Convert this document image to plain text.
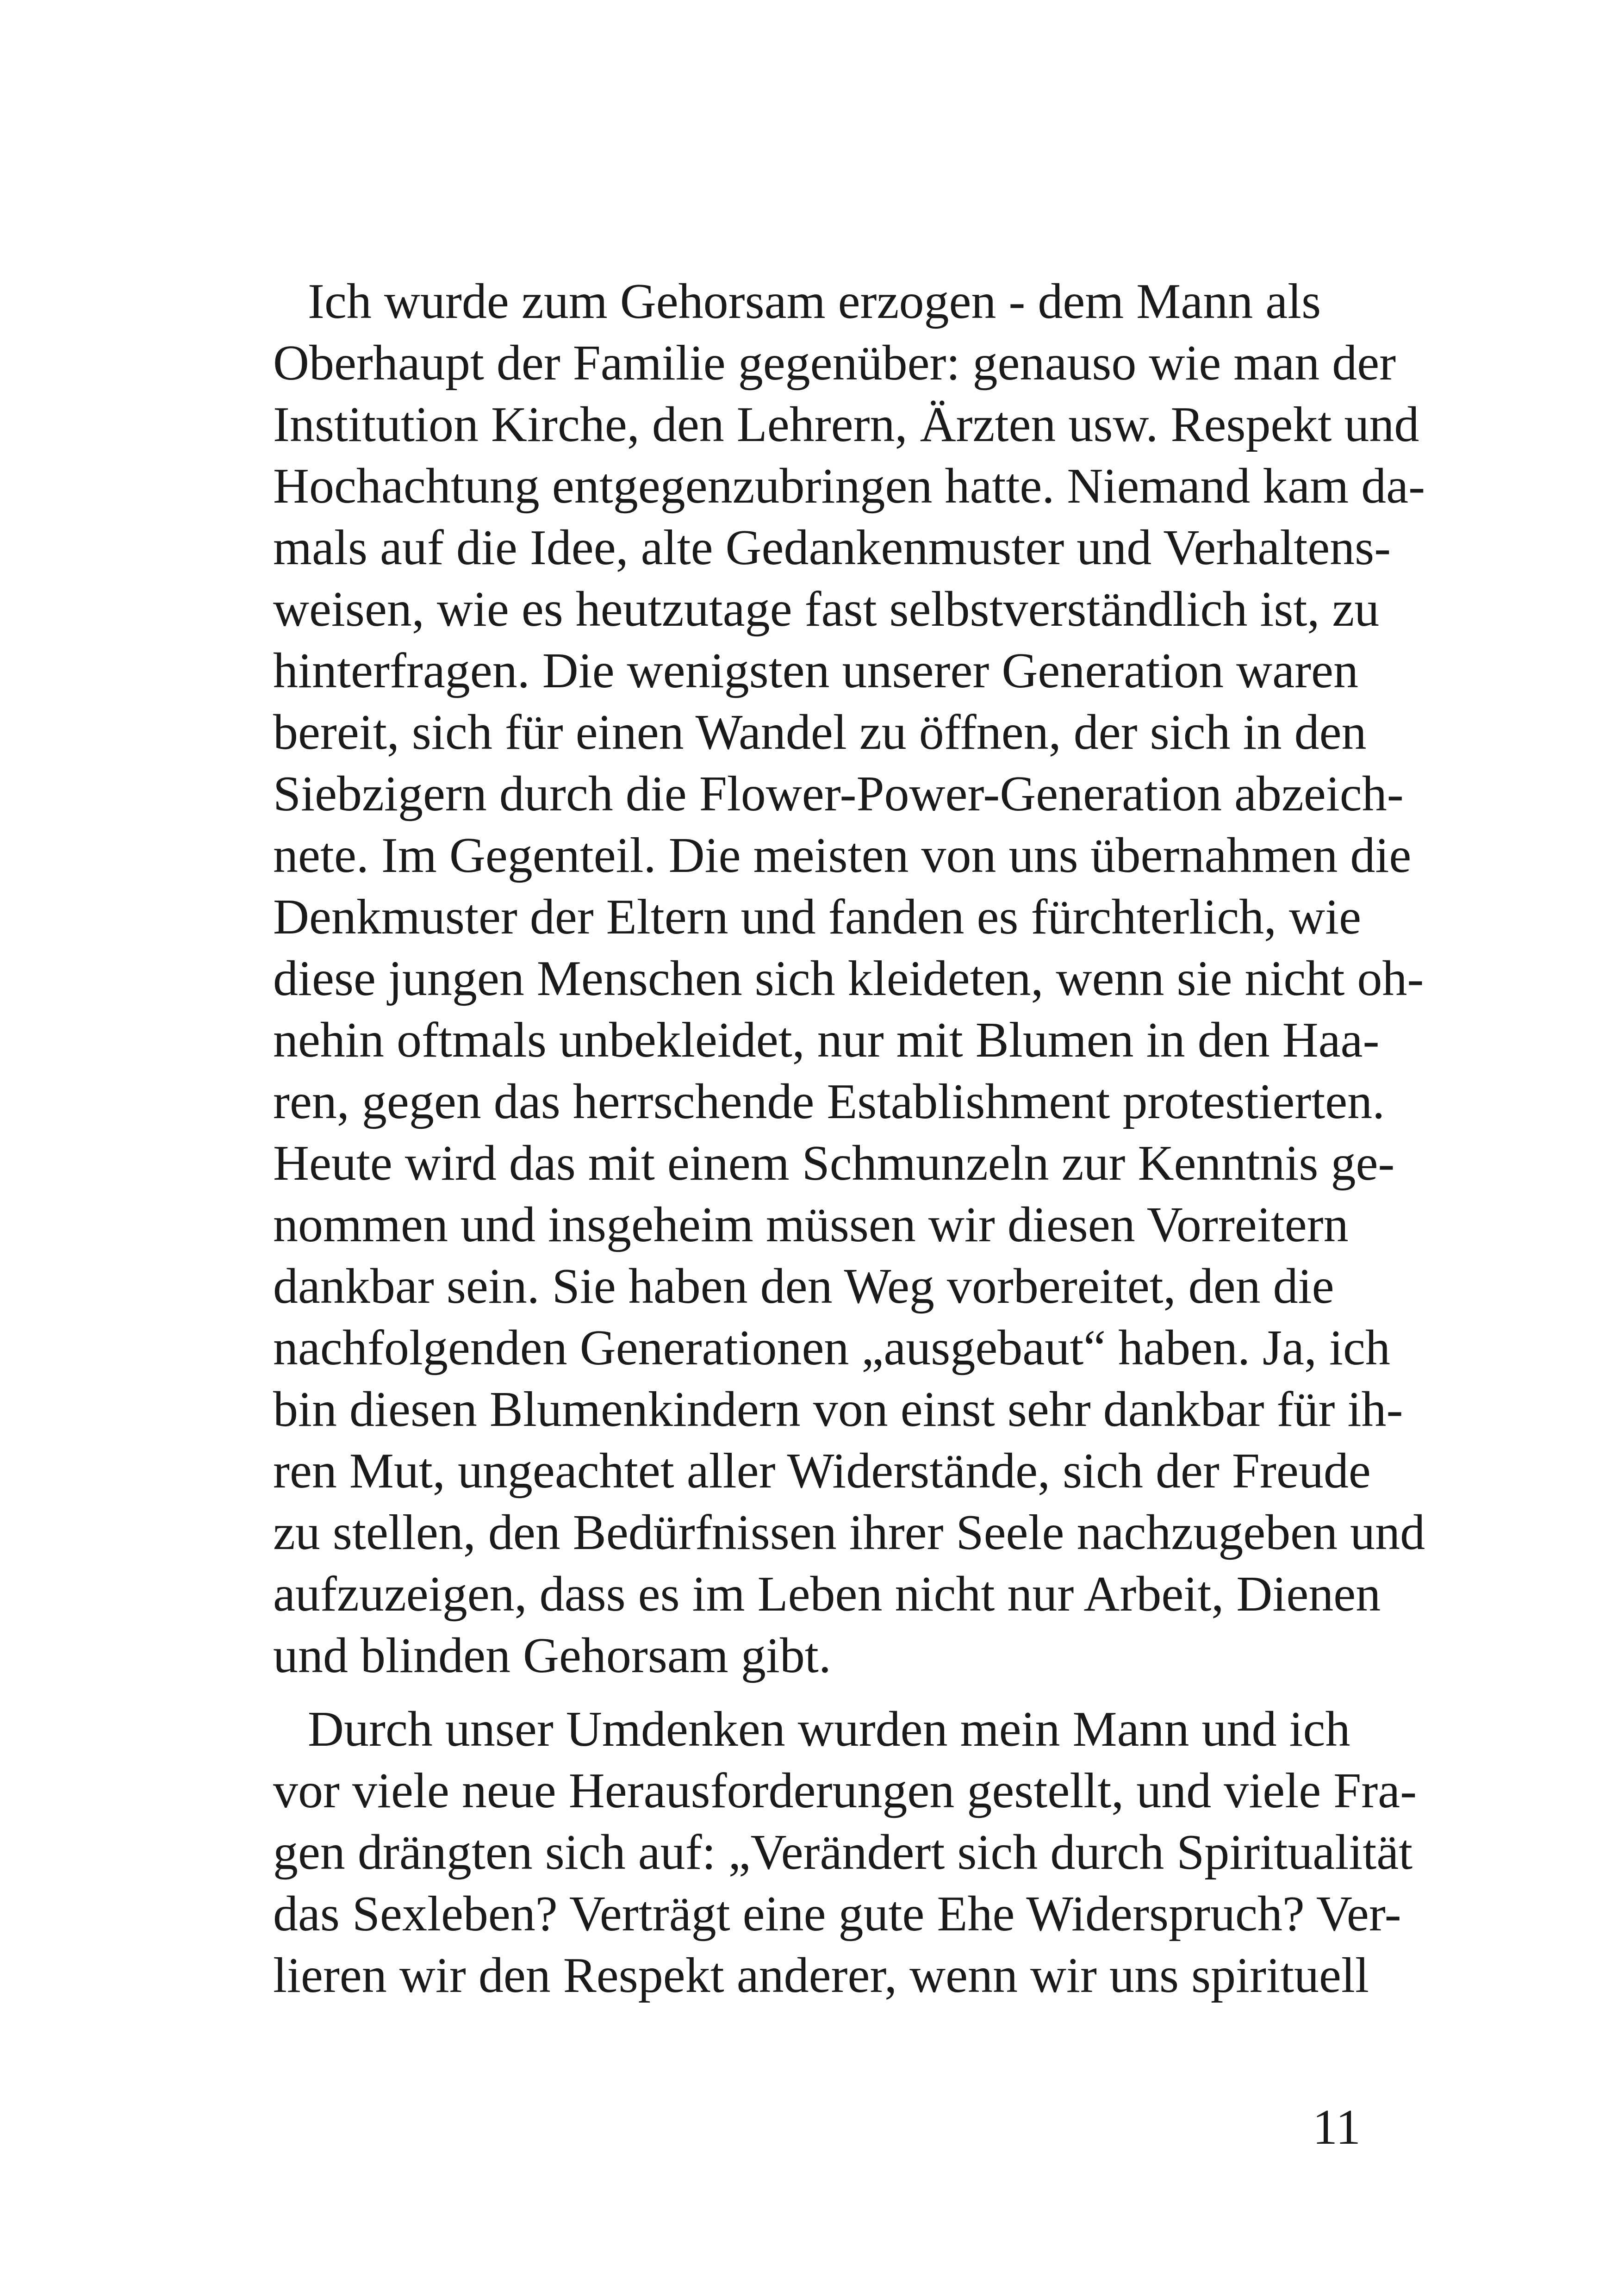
Ich wurde zum Gehorsam erzogen - dem Mann als
Oberhaupt der Familie gegenüber: genauso wie man der
Institution Kirche, den Lehrern, Ärzten usw. Respekt und
Hochachtung entgegenzubringen hatte. Niemand kam da-
mals auf die Idee, alte Gedankenmuster und Verhaltens-
weisen, wie es heutzutage fast selbstverständlich ist, zu
hinterfragen. Die wenigsten unserer Generation waren
bereit, sich für einen Wandel zu öffnen, der sich in den
Siebzigern durch die Flower-Power-Generation abzeich-
nete. Im Gegenteil. Die meisten von uns übernahmen die
Denkmuster der Eltern und fanden es fürchterlich, wie
diese jungen Menschen sich kleideten, wenn sie nicht oh-
nehin oftmals unbekleidet, nur mit Blumen in den Haa-
ren, gegen das herrschende Establishment protestierten.
Heute wird das mit einem Schmunzeln zur Kenntnis ge-
nommen und insgeheim müssen wir diesen Vorreitern
dankbar sein. Sie haben den Weg vorbereitet, den die
nachfolgenden Generationen „ausgebaut“ haben. Ja, ich
bin diesen Blumenkindern von einst sehr dankbar für ih-
ren Mut, ungeachtet aller Widerstände, sich der Freude
zu stellen, den Bedürfnissen ihrer Seele nachzugeben und
aufzuzeigen, dass es im Leben nicht nur Arbeit, Dienen
und blinden Gehorsam gibt.
Durch unser Umdenken wurden mein Mann und ich
vor viele neue Herausforderungen gestellt, und viele Fra-
gen drängten sich auf: „Verändert sich durch Spiritualität
das Sexleben? Verträgt eine gute Ehe Widerspruch? Ver-
lieren wir den Respekt anderer, wenn wir uns spirituell
11
